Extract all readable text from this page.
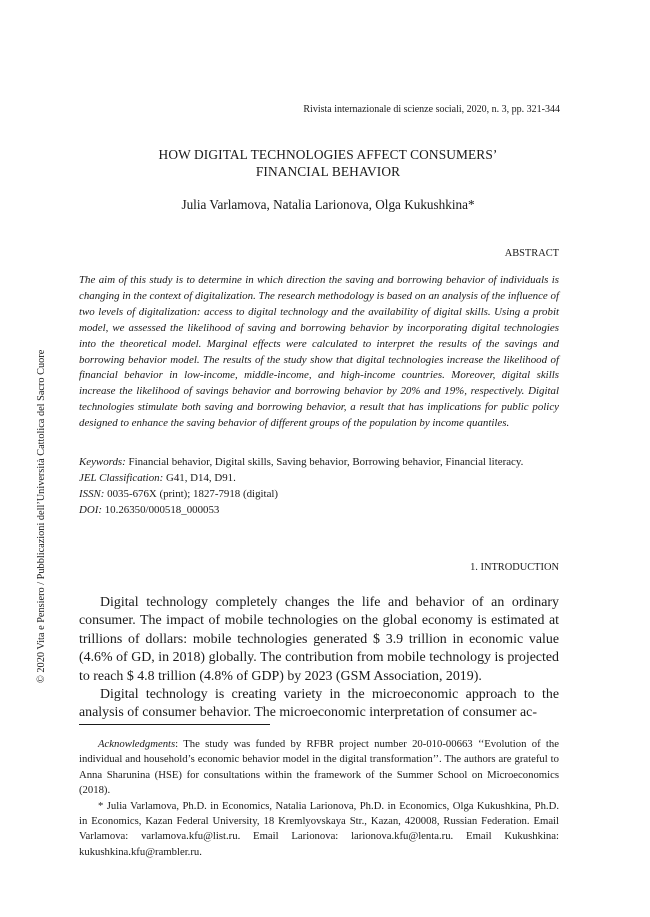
Rivista internazionale di scienze sociali, 2020, n. 3, pp. 321-344
HOW DIGITAL TECHNOLOGIES AFFECT CONSUMERS’
FINANCIAL BEHAVIOR
Julia Varlamova, Natalia Larionova, Olga Kukushkina*
ABSTRACT
The aim of this study is to determine in which direction the saving and borrowing behavior of individuals is changing in the context of digitalization. The research methodology is based on an analysis of the influence of two levels of digitalization: access to digital technology and the availability of digital skills. Using a probit model, we assessed the likelihood of saving and borrowing behavior by incorporating digital technologies into the theoretical model. Marginal effects were calculated to interpret the results of the savings and borrowing behavior model. The results of the study show that digital technologies increase the likelihood of financial behavior in low-income, middle-income, and high-income countries. Moreover, digital skills increase the likelihood of savings behavior and borrowing behavior by 20% and 19%, respectively. Digital technologies stimulate both saving and borrowing behavior, a result that has implications for public policy designed to enhance the saving behavior of different groups of the population by income quantiles.
Keywords: Financial behavior, Digital skills, Saving behavior, Borrowing behavior, Financial literacy.
JEL Classification: G41, D14, D91.
ISSN: 0035-676X (print); 1827-7918 (digital)
DOI: 10.26350/000518_000053
1. INTRODUCTION

Digital technology completely changes the life and behavior of an ordinary consumer. The impact of mobile technologies on the global economy is estimated at trillions of dollars: mobile technologies generated $ 3.9 trillion in economic value (4.6% of GD, in 2018) globally. The contribution from mobile technology is projected to reach $ 4.8 trillion (4.8% of GDP) by 2023 (GSM Association, 2019).

Digital technology is creating variety in the microeconomic approach to the analysis of consumer behavior. The microeconomic interpretation of consumer ac-

Acknowledgments: The study was funded by RFBR project number 20-010-00663 ‘‘Evolution of the individual and household’s economic behavior model in the digital transformation’’. The authors are grateful to Anna Sharunina (HSE) for consultations within the framework of the Summer School on Microeconomics (2018).

* Julia Varlamova, Ph.D. in Economics, Natalia Larionova, Ph.D. in Economics, Olga Kukushkina, Ph.D. in Economics, Kazan Federal University, 18 Kremlyovskaya Str., Kazan, 420008, Russian Federation. Email Varlamova: varlamova.kfu@list.ru. Email Larionova: larionova.kfu@lenta.ru. Email Kukushkina: kukushkina.kfu@rambler.ru.

© 2020 Vita e Pensiero / Pubblicazioni dell’Università Cattolica del Sacro Cuore
